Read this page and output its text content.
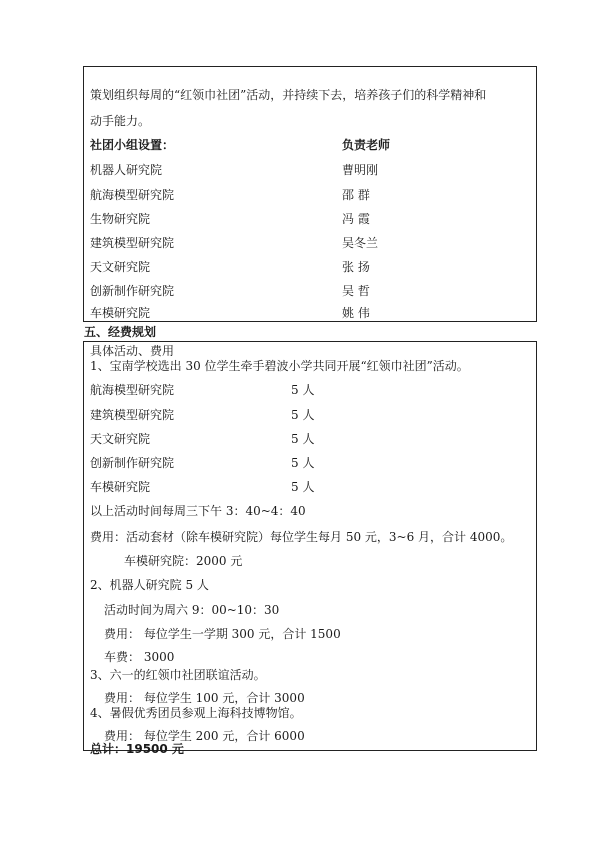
策划组织每周的“红领巾社团”活动，并持续下去，培养孩子们的科学精神和
动手能力。
社团小组设置：	负责老师
机器人研究院	曹明刚
航海模型研究院	邵 群
生物研究院	冯 霞
建筑模型研究院	吴冬兰
天文研究院	张 扬
创新制作研究院	吴 哲
车模研究院	姚 伟
五、经费规划
具体活动、费用
1、宝南学校选出 30 位学生牵手碧波小学共同开展“红领巾社团”活动。
航海模型研究院	5 人
建筑模型研究院	5 人
天文研究院	5 人
创新制作研究院	5 人
车模研究院	5 人
以上活动时间每周三下午 3：40~4：40
费用：活动套材（除车模研究院）每位学生每月 50 元，3~6 月，合计 4000。
车模研究院：2000 元
2、机器人研究院 5 人
活动时间为周六 9：00~10：30
费用： 每位学生一学期 300 元，合计 1500
车费： 3000
3、六一的红领巾社团联谊活动。
费用： 每位学生 100 元，合计 3000
4、暑假优秀团员参观上海科技博物馆。
费用： 每位学生 200 元，合计 6000
总计：19500 元
